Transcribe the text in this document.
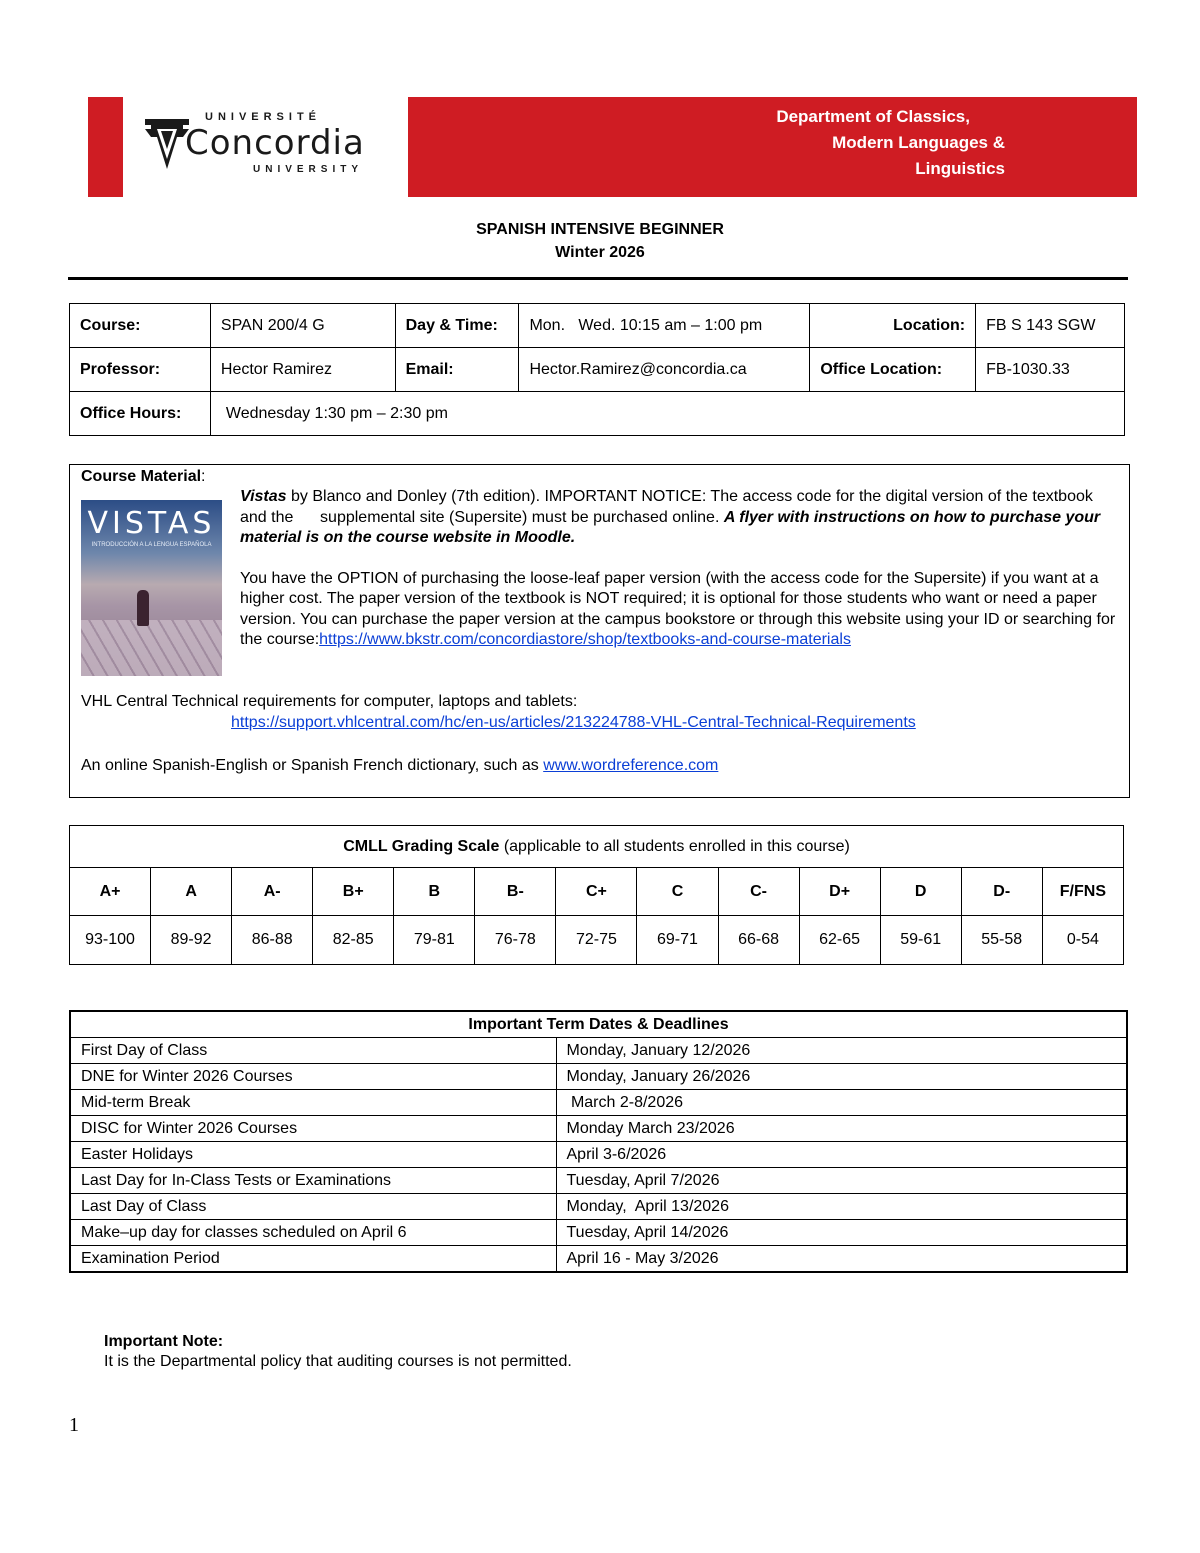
UNIVERSITÉ
Concordia
UNIVERSITY
Department of Classics,
Modern Languages &
Linguistics
SPANISH INTENSIVE BEGINNER
Winter 2026
Course:	SPAN 200/4 G	Day & Time:	Mon.   Wed. 10:15 am – 1:00 pm	Location:	FB S 143 SGW
Professor:	Hector Ramirez	Email:	Hector.Ramirez@concordia.ca	Office Location:	FB-1030.33
Office Hours:	Wednesday 1:30 pm – 2:30 pm				
Course Material:
VISTAS
INTRODUCCIÓN A LA LENGUA ESPAÑOLA

Vistas by Blanco and Donley (7th edition). IMPORTANT NOTICE: The access code for the digital version of the textbook and the      supplemental site (Supersite) must be purchased online. A flyer with instructions on how to purchase your material is on the course website in Moodle.

You have the OPTION of purchasing the loose-leaf paper version (with the access code for the Supersite) if you want at a higher cost. The paper version of the textbook is NOT required; it is optional for those students who want or need a paper version. You can purchase the paper version at the campus bookstore or through this website using your ID or searching for the course:https://www.bkstr.com/concordiastore/shop/textbooks-and-course-materials

VHL Central Technical requirements for computer, laptops and tablets:

https://support.vhlcentral.com/hc/en-us/articles/213224788-VHL-Central-Technical-Requirements

An online Spanish-English or Spanish French dictionary, such as www.wordreference.com

CMLL Grading Scale (applicable to all students enrolled in this course)												
A+	A	A-	B+	B	B-	C+	C	C-	D+	D	D-	F/FNS
93-100	89-92	86-88	82-85	79-81	76-78	72-75	69-71	66-68	62-65	59-61	55-58	0-54
Important Term Dates & Deadlines	
First Day of Class	Monday, January 12/2026
DNE for Winter 2026 Courses	Monday, January 26/2026
Mid-term Break	March 2-8/2026
DISC for Winter 2026 Courses	Monday March 23/2026
Easter Holidays	April 3-6/2026
Last Day for In-Class Tests or Examinations	Tuesday, April 7/2026
Last Day of Class	Monday,  April 13/2026
Make–up day for classes scheduled on April 6	Tuesday, April 14/2026
Examination Period	April 16 - May 3/2026
Important Note:
It is the Departmental policy that auditing courses is not permitted.
1
